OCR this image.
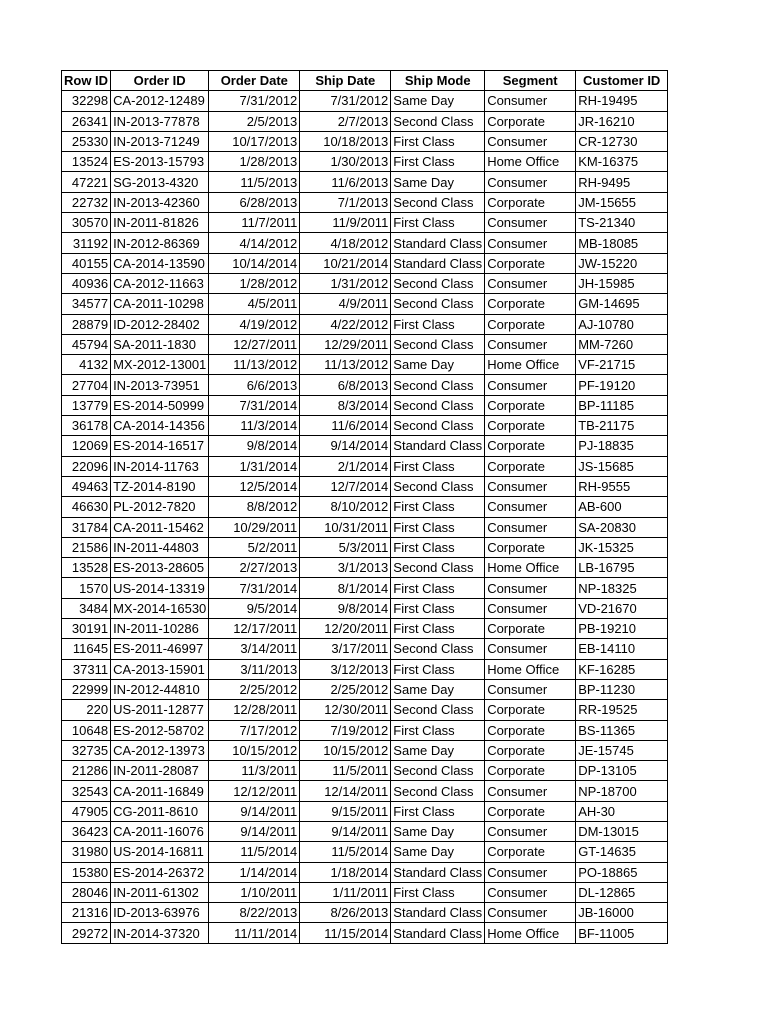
Row ID	Order ID	Order Date	Ship Date	Ship Mode	Segment	Customer ID
32298	CA-2012-12489	7/31/2012	7/31/2012	Same Day	Consumer	RH-19495
26341	IN-2013-77878	2/5/2013	2/7/2013	Second Class	Corporate	JR-16210
25330	IN-2013-71249	10/17/2013	10/18/2013	First Class	Consumer	CR-12730
13524	ES-2013-15793	1/28/2013	1/30/2013	First Class	Home Office	KM-16375
47221	SG-2013-4320	11/5/2013	11/6/2013	Same Day	Consumer	RH-9495
22732	IN-2013-42360	6/28/2013	7/1/2013	Second Class	Corporate	JM-15655
30570	IN-2011-81826	11/7/2011	11/9/2011	First Class	Consumer	TS-21340
31192	IN-2012-86369	4/14/2012	4/18/2012	Standard Class	Consumer	MB-18085
40155	CA-2014-13590	10/14/2014	10/21/2014	Standard Class	Corporate	JW-15220
40936	CA-2012-11663	1/28/2012	1/31/2012	Second Class	Consumer	JH-15985
34577	CA-2011-10298	4/5/2011	4/9/2011	Second Class	Corporate	GM-14695
28879	ID-2012-28402	4/19/2012	4/22/2012	First Class	Corporate	AJ-10780
45794	SA-2011-1830	12/27/2011	12/29/2011	Second Class	Consumer	MM-7260
4132	MX-2012-13001	11/13/2012	11/13/2012	Same Day	Home Office	VF-21715
27704	IN-2013-73951	6/6/2013	6/8/2013	Second Class	Consumer	PF-19120
13779	ES-2014-50999	7/31/2014	8/3/2014	Second Class	Corporate	BP-11185
36178	CA-2014-14356	11/3/2014	11/6/2014	Second Class	Corporate	TB-21175
12069	ES-2014-16517	9/8/2014	9/14/2014	Standard Class	Corporate	PJ-18835
22096	IN-2014-11763	1/31/2014	2/1/2014	First Class	Corporate	JS-15685
49463	TZ-2014-8190	12/5/2014	12/7/2014	Second Class	Consumer	RH-9555
46630	PL-2012-7820	8/8/2012	8/10/2012	First Class	Consumer	AB-600
31784	CA-2011-15462	10/29/2011	10/31/2011	First Class	Consumer	SA-20830
21586	IN-2011-44803	5/2/2011	5/3/2011	First Class	Corporate	JK-15325
13528	ES-2013-28605	2/27/2013	3/1/2013	Second Class	Home Office	LB-16795
1570	US-2014-13319	7/31/2014	8/1/2014	First Class	Consumer	NP-18325
3484	MX-2014-16530	9/5/2014	9/8/2014	First Class	Consumer	VD-21670
30191	IN-2011-10286	12/17/2011	12/20/2011	First Class	Corporate	PB-19210
11645	ES-2011-46997	3/14/2011	3/17/2011	Second Class	Consumer	EB-14110
37311	CA-2013-15901	3/11/2013	3/12/2013	First Class	Home Office	KF-16285
22999	IN-2012-44810	2/25/2012	2/25/2012	Same Day	Consumer	BP-11230
220	US-2011-12877	12/28/2011	12/30/2011	Second Class	Corporate	RR-19525
10648	ES-2012-58702	7/17/2012	7/19/2012	First Class	Corporate	BS-11365
32735	CA-2012-13973	10/15/2012	10/15/2012	Same Day	Corporate	JE-15745
21286	IN-2011-28087	11/3/2011	11/5/2011	Second Class	Corporate	DP-13105
32543	CA-2011-16849	12/12/2011	12/14/2011	Second Class	Consumer	NP-18700
47905	CG-2011-8610	9/14/2011	9/15/2011	First Class	Corporate	AH-30
36423	CA-2011-16076	9/14/2011	9/14/2011	Same Day	Consumer	DM-13015
31980	US-2014-16811	11/5/2014	11/5/2014	Same Day	Corporate	GT-14635
15380	ES-2014-26372	1/14/2014	1/18/2014	Standard Class	Consumer	PO-18865
28046	IN-2011-61302	1/10/2011	1/11/2011	First Class	Consumer	DL-12865
21316	ID-2013-63976	8/22/2013	8/26/2013	Standard Class	Consumer	JB-16000
29272	IN-2014-37320	11/11/2014	11/15/2014	Standard Class	Home Office	BF-11005
